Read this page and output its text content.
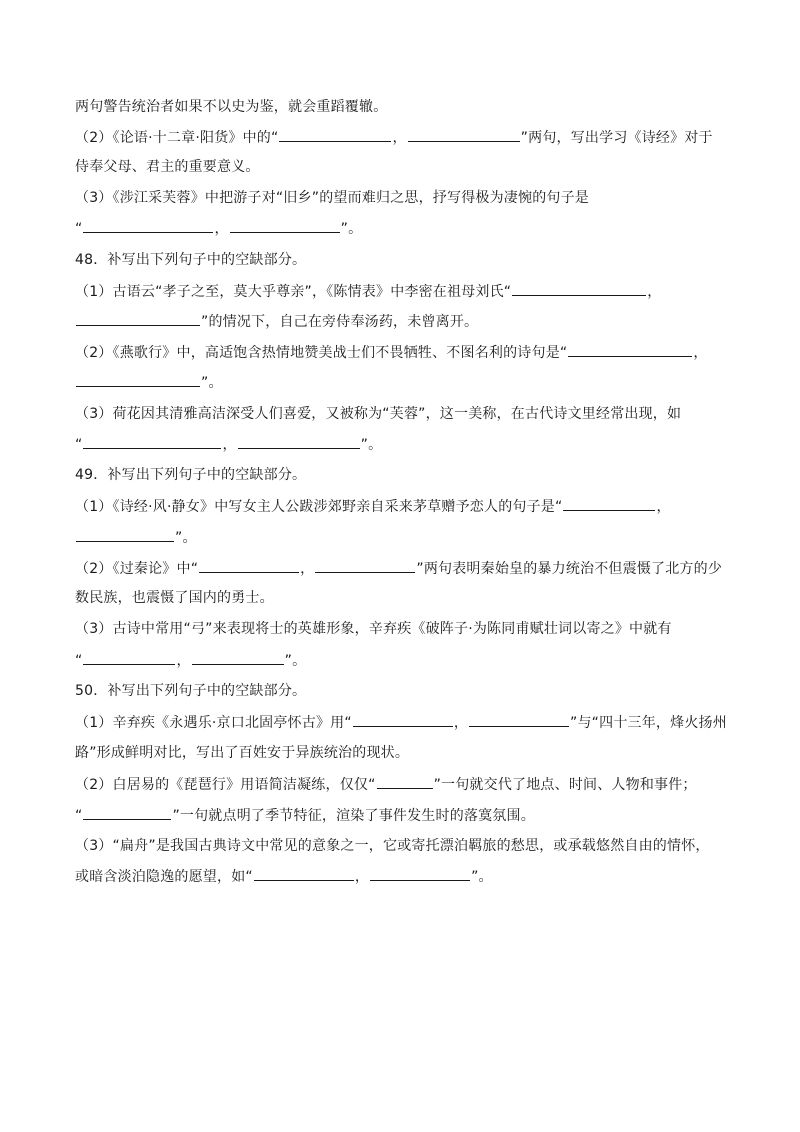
两句警告统治者如果不以史为鉴，就会重蹈覆辙。
（2）《论语·十二章·阳货》中的“	，	”两句，写出学习《诗经》对于
侍奉父母、君主的重要意义。
（3）《涉江采芙蓉》中把游子对“旧乡”的望而难归之思，抒写得极为凄惋的句子是
“	，	”。
48．补写出下列句子中的空缺部分。
（1）古语云“孝子之至，莫大乎尊亲”，《陈情表》中李密在祖母刘氏“	，
”的情况下，自己在旁侍奉汤药，未曾离开。
（2）《燕歌行》中，高适饱含热情地赞美战士们不畏牺牲、不图名利的诗句是“	，
”。
（3）荷花因其清雅高洁深受人们喜爱，又被称为“芙蓉”，这一美称，在古代诗文里经常出现，如
“	，	”。
49．补写出下列句子中的空缺部分。
（1）《诗经·风·静女》中写女主人公跋涉郊野亲自采来茅草赠予恋人的句子是“	，
”。
（2）《过秦论》中“	，	”两句表明秦始皇的暴力统治不但震慑了北方的少
数民族，也震慑了国内的勇士。
（3）古诗中常用“弓”来表现将士的英雄形象，辛弃疾《破阵子·为陈同甫赋壮词以寄之》中就有
“	，	”。
50．补写出下列句子中的空缺部分。
（1）辛弃疾《永遇乐·京口北固亭怀古》用“	，	”与“四十三年，烽火扬州
路”形成鲜明对比，写出了百姓安于异族统治的现状。
（2）白居易的《琵琶行》用语简洁凝练，仅仅“	”一句就交代了地点、时间、人物和事件；
“	”一句就点明了季节特征，渲染了事件发生时的落寞氛围。
（3）“扁舟”是我国古典诗文中常见的意象之一，它或寄托漂泊羁旅的愁思，或承载悠然自由的情怀，
或暗含淡泊隐逸的愿望，如“	，	”。
